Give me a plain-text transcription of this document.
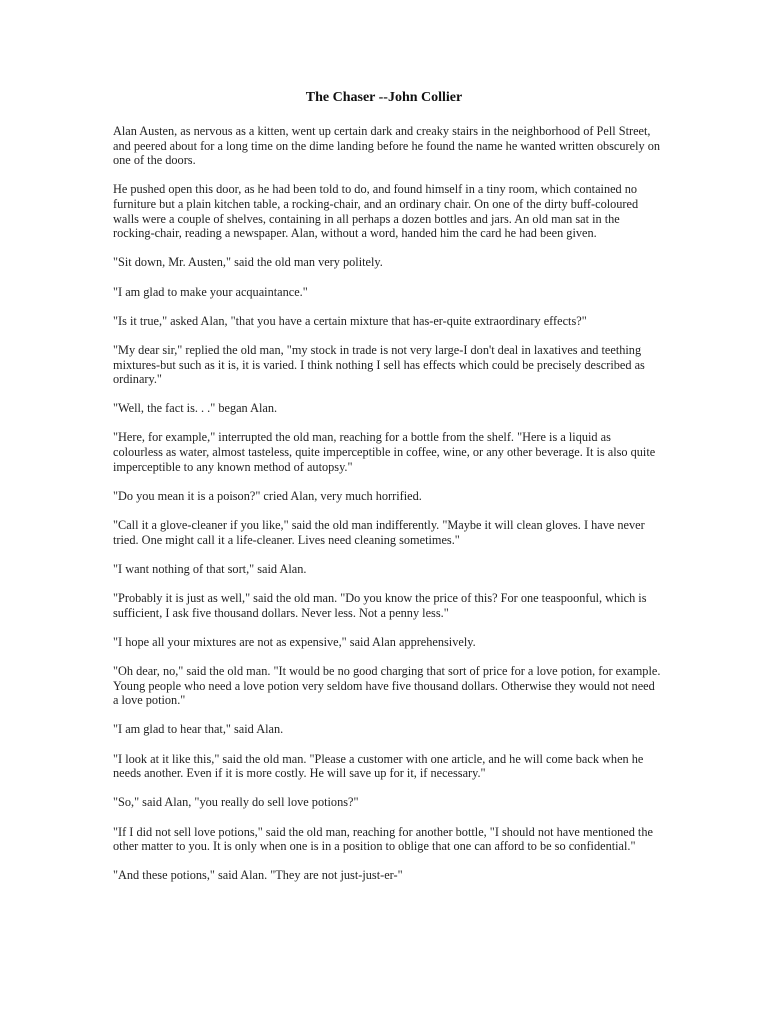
The Chaser --John Collier

Alan Austen, as nervous as a kitten, went up certain dark and creaky stairs in the neighborhood of Pell Street, and peered about for a long time on the dime landing before he found the name he wanted written obscurely on one of the doors.

He pushed open this door, as he had been told to do, and found himself in a tiny room, which contained no furniture but a plain kitchen table, a rocking-chair, and an ordinary chair. On one of the dirty buff-coloured walls were a couple of shelves, containing in all perhaps a dozen bottles and jars. An old man sat in the rocking-chair, reading a newspaper. Alan, without a word, handed him the card he had been given.

"Sit down, Mr. Austen," said the old man very politely.

"I am glad to make your acquaintance."

"Is it true," asked Alan, "that you have a certain mixture that has-er-quite extraordinary effects?"

"My dear sir," replied the old man, "my stock in trade is not very large-I don't deal in laxatives and teething mixtures-but such as it is, it is varied. I think nothing I sell has effects which could be precisely described as ordinary."

"Well, the fact is. . ." began Alan.

"Here, for example," interrupted the old man, reaching for a bottle from the shelf. "Here is a liquid as colourless as water, almost tasteless, quite imperceptible in coffee, wine, or any other beverage. It is also quite imperceptible to any known method of autopsy."

"Do you mean it is a poison?" cried Alan, very much horrified.

"Call it a glove-cleaner if you like," said the old man indifferently. "Maybe it will clean gloves. I have never tried. One might call it a life-cleaner. Lives need cleaning sometimes."

"I want nothing of that sort," said Alan.

"Probably it is just as well," said the old man. "Do you know the price of this? For one teaspoonful, which is sufficient, I ask five thousand dollars. Never less. Not a penny less."

"I hope all your mixtures are not as expensive," said Alan apprehensively.

"Oh dear, no," said the old man. "It would be no good charging that sort of price for a love potion, for example. Young people who need a love potion very seldom have five thousand dollars. Otherwise they would not need a love potion."

"I am glad to hear that," said Alan.

"I look at it like this," said the old man. "Please a customer with one article, and he will come back when he needs another. Even if it is more costly. He will save up for it, if necessary."

"So," said Alan, "you really do sell love potions?"

"If I did not sell love potions," said the old man, reaching for another bottle, "I should not have mentioned the other matter to you. It is only when one is in a position to oblige that one can afford to be so confidential."

"And these potions," said Alan. "They are not just-just-er-"
